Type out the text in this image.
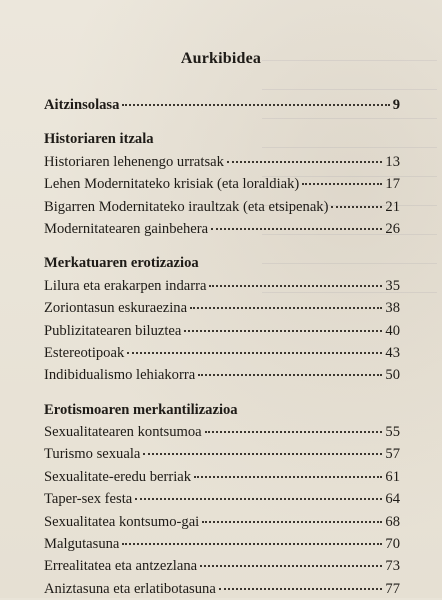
Aurkibidea
Aitzinsolasa	9
Historiaren itzala
Historiaren lehenengo urratsak	13
Lehen Modernitateko krisiak (eta loraldiak)	17
Bigarren Modernitateko iraultzak (eta etsipenak)	21
Modernitatearen gainbehera	26
Merkatuaren erotizazioa
Lilura eta erakarpen indarra	35
Zoriontasun eskuraezina	38
Publizitatearen biluztea	40
Estereotipoak	43
Indibidualismo lehiakorra	50
Erotismoaren merkantilizazioa
Sexualitatearen kontsumoa	55
Turismo sexuala	57
Sexualitate-eredu berriak	61
Taper-sex festa	64
Sexualitatea kontsumo-gai	68
Malgutasuna	70
Errealitatea eta antzezlana	73
Aniztasuna eta erlatibotasuna	77
